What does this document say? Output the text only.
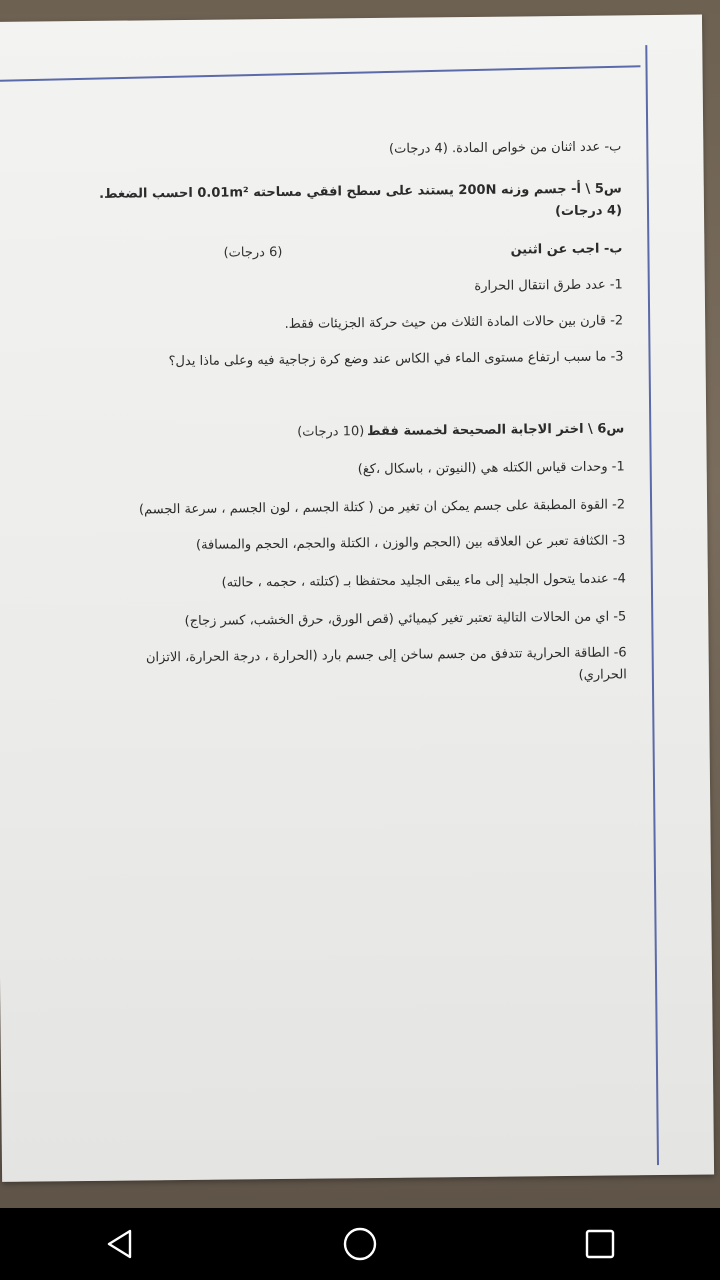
ب- عدد اثنان من خواص المادة. (4 درجات)
س5 \ أ- جسم وزنه 200N يستند على سطح افقي مساحته 0.01m² احسب الضغط.
(4 درجات)
ب- اجب عن اثنين
(6 درجات)
1- عدد طرق انتقال الحرارة
2- قارن بين حالات المادة الثلاث من حيث حركة الجزيئات فقط.
3- ما سبب ارتفاع مستوى الماء في الكاس عند وضع كرة زجاجية فيه وعلى ماذا يدل؟
س6 \ اختر الاجابة الصحيحة لخمسة فقط
(10 درجات)
1- وحدات قياس الكتله هي (النيوتن ، باسكال ،كغ)
2- القوة المطبقة على جسم يمكن ان تغير من ( كتلة الجسم ، لون الجسم ، سرعة الجسم)
3- الكثافة تعبر عن العلاقه بين (الحجم والوزن ، الكتلة والحجم، الحجم والمسافة)
4- عندما يتحول الجليد إلى ماء يبقى الجليد محتفظا بـ (كتلته ، حجمه ، حالته)
5- اي من الحالات التالية تعتبر تغير كيميائي (قص الورق، حرق الخشب، كسر زجاج)
6- الطاقة الحرارية تتدفق من جسم ساخن إلى جسم بارد (الحرارة ، درجة الحرارة، الاتزان
الحراري)
